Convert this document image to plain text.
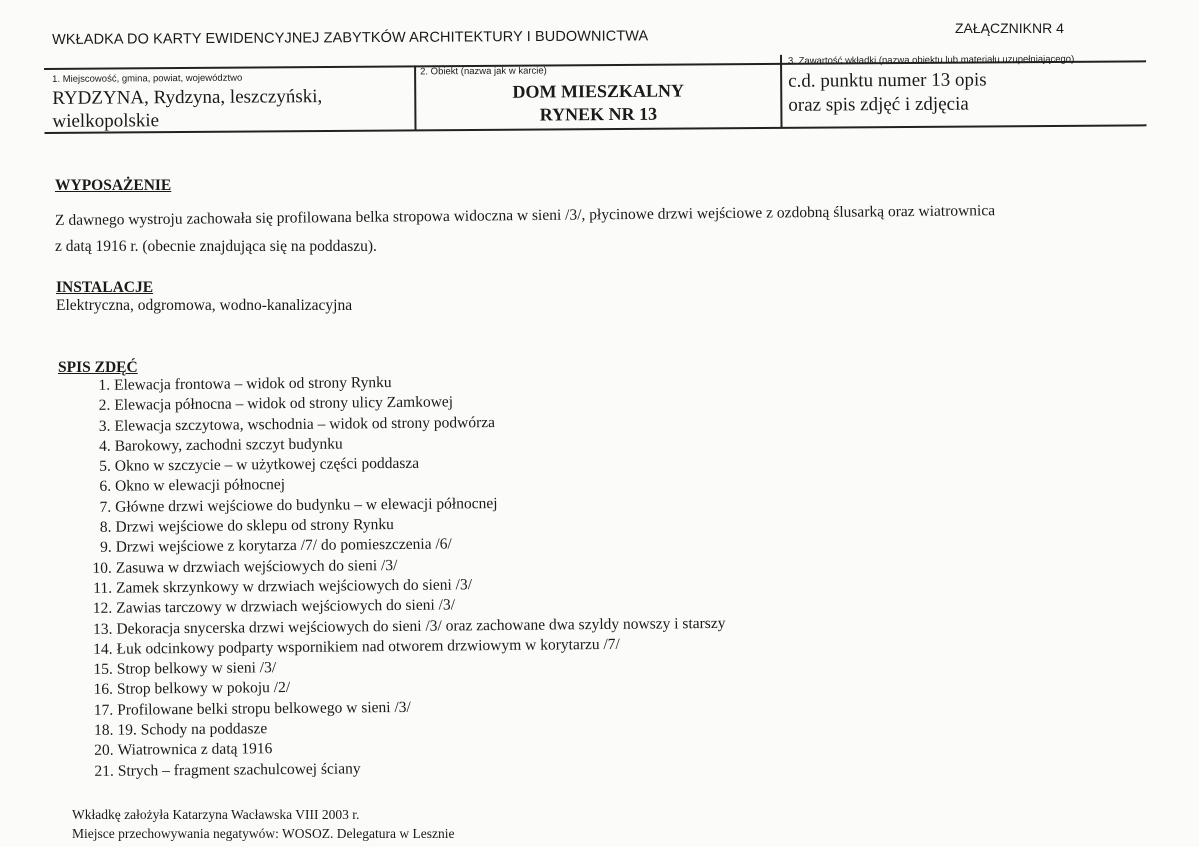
WKŁADKA DO KARTY EWIDENCYJNEJ ZABYTKÓW ARCHITEKTURY I BUDOWNICTWA
ZAŁĄCZNIKNR 4
1. Miejscowość, gmina, powiat, województwo
RYDZYNA, Rydzyna, leszczyński,
wielkopolskie
2. Obiekt (nazwa jak w karcie)
DOM MIESZKALNY
RYNEK NR 13
3. Zawartość wkładki (nazwa obiektu lub materiału uzupełniającego)
c.d. punktu numer 13 opis
oraz spis zdjęć i zdjęcia
WYPOSAŻENIE
Z dawnego wystroju zachowała się profilowana belka stropowa widoczna w sieni /3/, płycinowe drzwi wejściowe z ozdobną ślusarką oraz wiatrownica
z datą 1916 r. (obecnie znajdująca się na poddaszu).
INSTALACJE
Elektryczna, odgromowa, wodno-kanalizacyjna
SPIS ZDĘĆ
1. Elewacja frontowa – widok od strony Rynku
2. Elewacja północna – widok od strony ulicy Zamkowej
3. Elewacja szczytowa, wschodnia – widok od strony podwórza
4. Barokowy, zachodni szczyt budynku
5. Okno w szczycie – w użytkowej części poddasza
6. Okno w elewacji północnej
7. Główne drzwi wejściowe do budynku – w elewacji północnej
8. Drzwi wejściowe do sklepu od strony Rynku
9. Drzwi wejściowe z korytarza /7/ do pomieszczenia /6/
10. Zasuwa w drzwiach wejściowych do sieni /3/
11. Zamek skrzynkowy w drzwiach wejściowych do sieni /3/
12. Zawias tarczowy w drzwiach wejściowych do sieni /3/
13. Dekoracja snycerska drzwi wejściowych do sieni /3/ oraz zachowane dwa szyldy nowszy i starszy
14. Łuk odcinkowy podparty wspornikiem nad otworem drzwiowym w korytarzu /7/
15. Strop belkowy w sieni /3/
16. Strop belkowy w pokoju /2/
17. Profilowane belki stropu belkowego w sieni /3/
18. 19. Schody na poddasze
20. Wiatrownica z datą 1916
21. Strych – fragment szachulcowej ściany
Wkładkę założyła Katarzyna Wacławska VIII 2003 r.
Miejsce przechowywania negatywów: WOSOZ. Delegatura w Lesznie
